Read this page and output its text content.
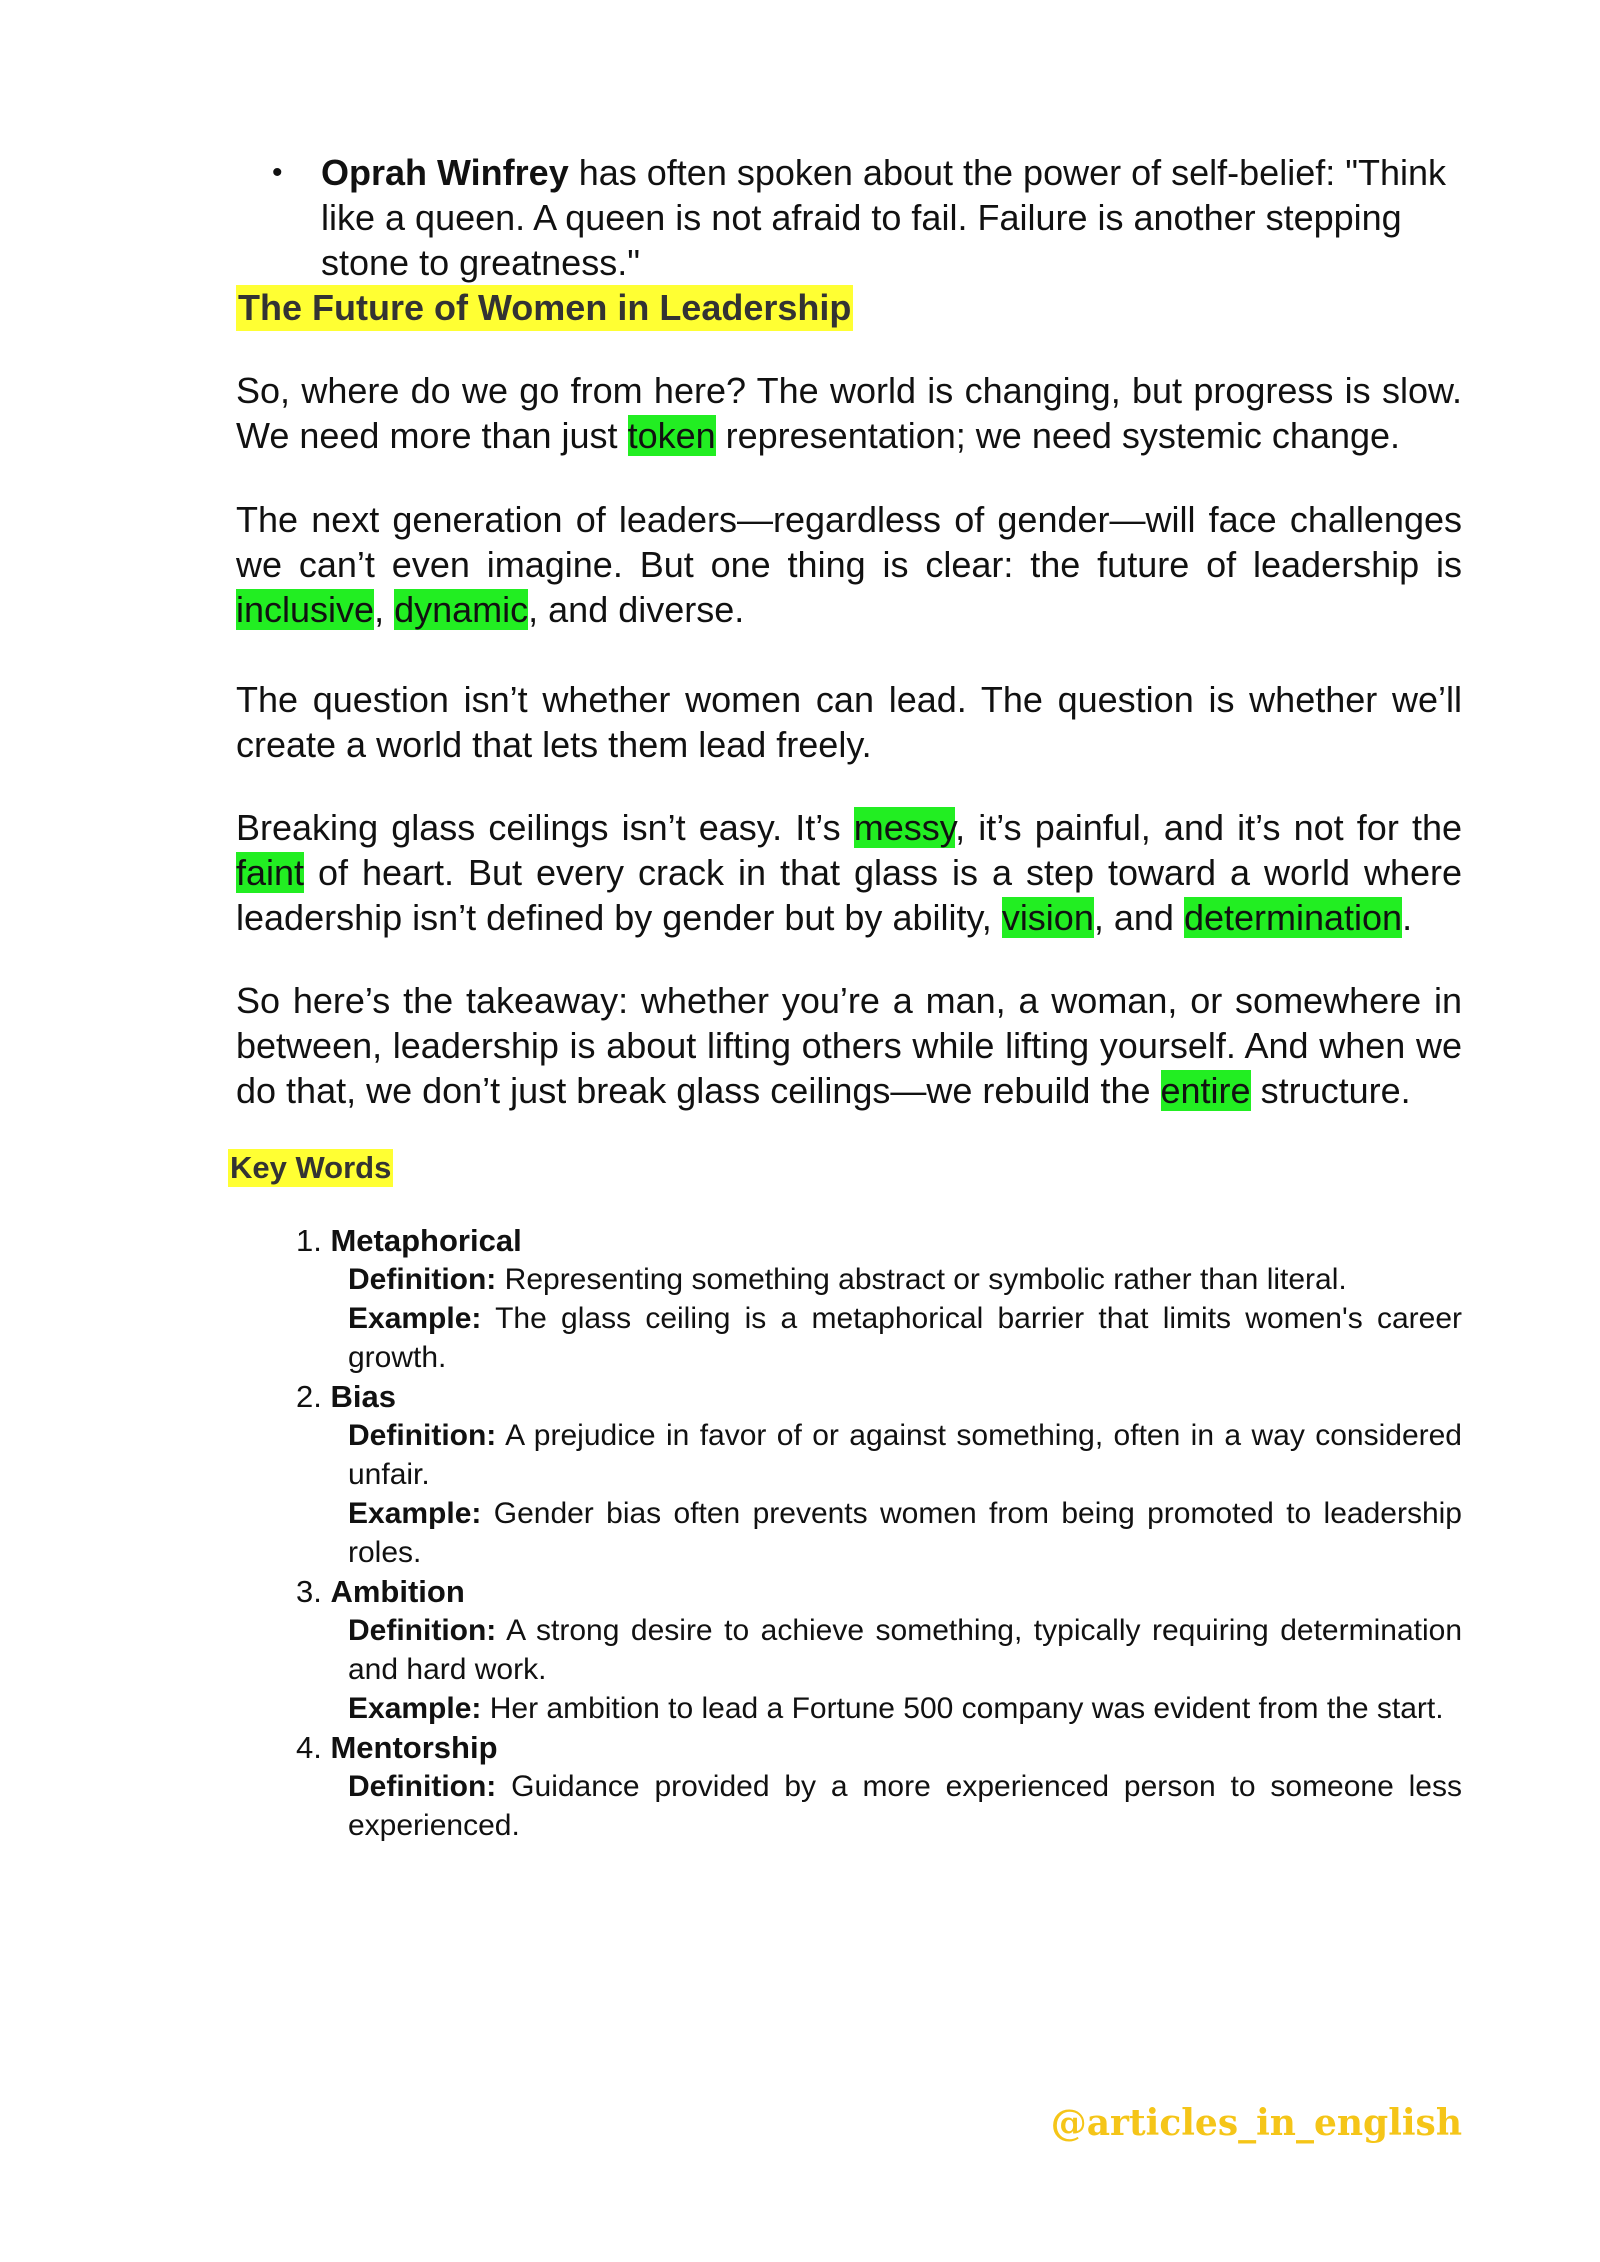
• Oprah Winfrey has often spoken about the power of self-belief: "Think like a queen. A queen is not afraid to fail. Failure is another stepping stone to greatness."
The Future of Women in Leadership

So, where do we go from here? The world is changing, but progress is slow. We need more than just token representation; we need systemic change.

The next generation of leaders—regardless of gender—will face challenges we can’t even imagine. But one thing is clear: the future of leadership is inclusive, dynamic, and diverse.

The question isn’t whether women can lead. The question is whether we’ll create a world that lets them lead freely.

Breaking glass ceilings isn’t easy. It’s messy, it’s painful, and it’s not for the faint of heart. But every crack in that glass is a step toward a world where leadership isn’t defined by gender but by ability, vision, and determination.

So here’s the takeaway: whether you’re a man, a woman, or somewhere in between, leadership is about lifting others while lifting yourself. And when we do that, we don’t just break glass ceilings—we rebuild the entire structure.

Key Words
1. Metaphorical
Definition: Representing something abstract or symbolic rather than literal.
Example: The glass ceiling is a metaphorical barrier that limits women's career growth.
2. Bias
Definition: A prejudice in favor of or against something, often in a way considered unfair.
Example: Gender bias often prevents women from being promoted to leadership roles.
3. Ambition
Definition: A strong desire to achieve something, typically requiring determination and hard work.
Example: Her ambition to lead a Fortune 500 company was evident from the start.
4. Mentorship
Definition: Guidance provided by a more experienced person to someone less experienced.
@articles_in_english
